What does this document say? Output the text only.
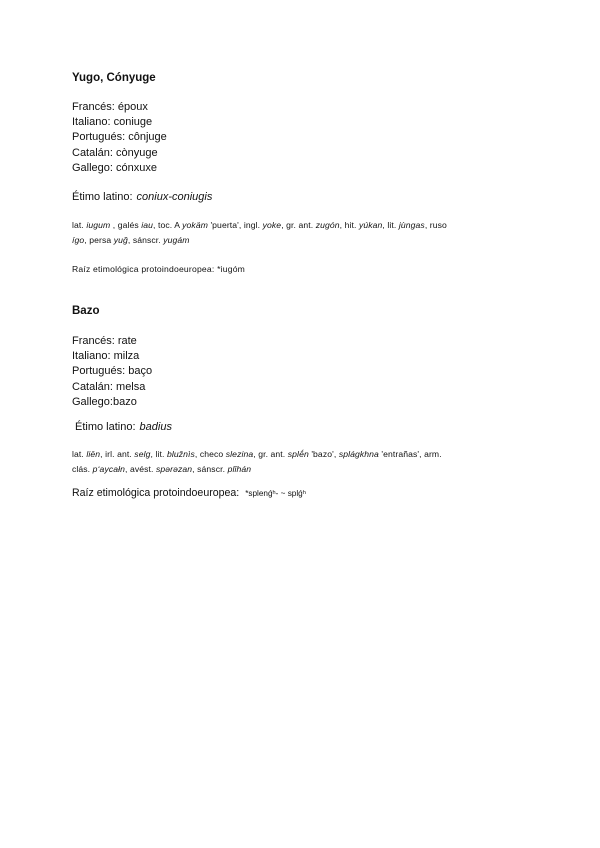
Yugo, Cónyuge
Francés: époux
Italiano: coniuge
Portugués: cônjuge
Catalán: cònyuge
Gallego: cónxuxe
Étimo latino: coniux-coniugis
lat. iugum , galés iau, toc. A yokäm 'puerta', ingl. yoke, gr. ant. zugón, hit. yúkan, lit. jùngas, ruso
ígo, persa yuğ, sánscr. yugám
Raíz etimológica protoindoeuropea: *iugóm
Bazo
Francés: rate
Italiano: milza
Portugués: baço
Catalán: melsa
Gallego:bazo
Étimo latino: badius
lat. liēn, irl. ant. selg, lit. blužnìs, checo slezina, gr. ant. splḗn 'bazo', splágkhna 'entrañas', arm.
clás. pʻaycałn, avést. spərəzan, sánscr. plīhán
Raíz etimológica protoindoeuropea: *splenǵʰ- ~ splǵʰ
